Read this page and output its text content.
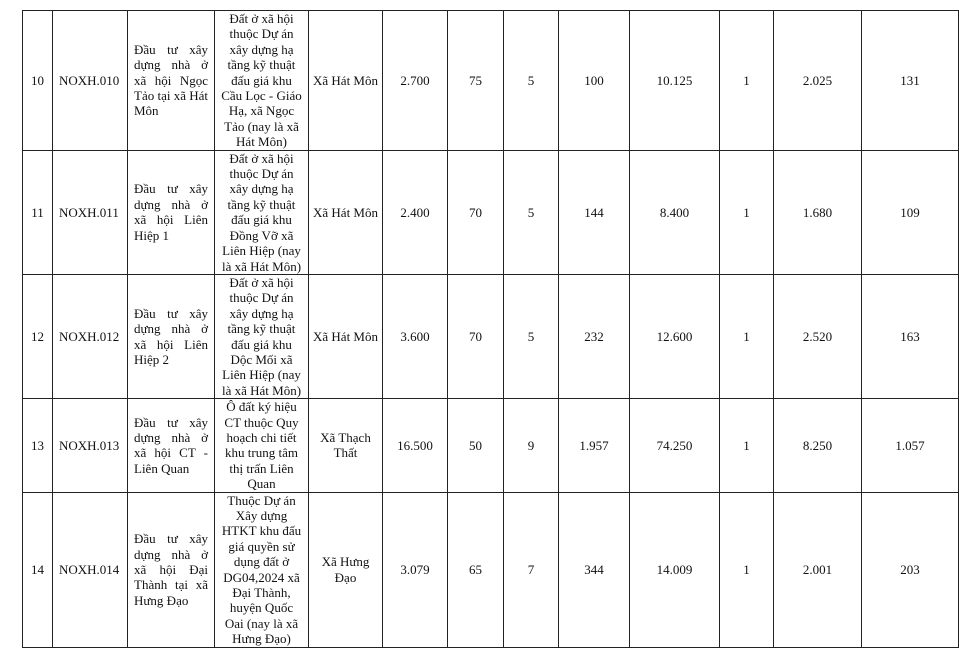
10	NOXH.010	Đầu tư xây dựng nhà ở xã hội Ngọc Tảo tại xã Hát Môn	Đất ở xã hội thuộc Dự án xây dựng hạ tầng kỹ thuật đấu giá khu Cầu Lọc - Giáo Hạ, xã Ngọc Tảo (nay là xã Hát Môn)	Xã Hát Môn	2.700	75	5	100	10.125	1	2.025	131
11	NOXH.011	Đầu tư xây dựng nhà ở xã hội Liên Hiệp 1	Đất ở xã hội thuộc Dự án xây dựng hạ tầng kỹ thuật đấu giá khu Đồng Vỡ xã Liên Hiệp (nay là xã Hát Môn)	Xã Hát Môn	2.400	70	5	144	8.400	1	1.680	109
12	NOXH.012	Đầu tư xây dựng nhà ở xã hội Liên Hiệp 2	Đất ở xã hội thuộc Dự án xây dựng hạ tầng kỹ thuật đấu giá khu Dộc Mối xã Liên Hiệp (nay là xã Hát Môn)	Xã Hát Môn	3.600	70	5	232	12.600	1	2.520	163
13	NOXH.013	Đầu tư xây dựng nhà ở xã hội CT - Liên Quan	Ô đất ký hiệu CT thuộc Quy hoạch chi tiết khu trung tâm thị trấn Liên Quan	Xã Thạch Thất	16.500	50	9	1.957	74.250	1	8.250	1.057
14	NOXH.014	Đầu tư xây dựng nhà ở xã hội Đại Thành tại xã Hưng Đạo	Thuộc Dự án Xây dựng HTKT khu đấu giá quyền sử dụng đất ở DG04,2024 xã Đại Thành, huyện Quốc Oai (nay là xã Hưng Đạo)	Xã Hưng Đạo	3.079	65	7	344	14.009	1	2.001	203
